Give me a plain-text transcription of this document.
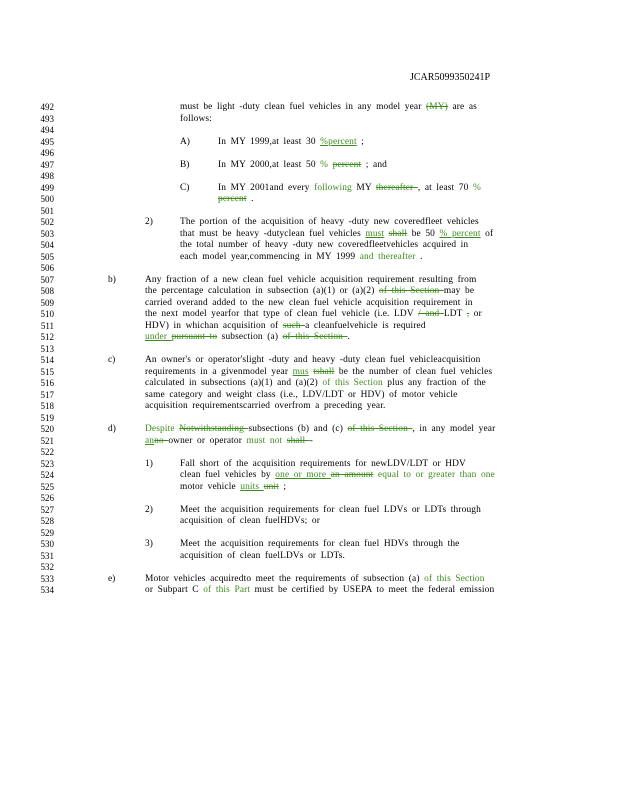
JCAR5099350241P
492	must be light -duty clean fuel vehicles in any model year (MY) are as
493	follows:
494
495	A)	In MY 1999,at least 30 %percent ;
496
497	B)	In MY 2000,at least 50 % percent ; and
498
499	C)	In MY 2001and every following MY thereafter , at least 70 %
500	percent .
501
502	2)	The portion of the acquisition of heavy -duty new coveredfleet vehicles
503	that must be heavy -dutyclean fuel vehicles must shall be 50 % percent of
504	the total number of heavy -duty new coveredfleetvehicles acquired in
505	each model year,commencing in MY 1999 and thereafter .
506
507	b)	Any fraction of a new clean fuel vehicle acquisition requirement resulting from
508	the percentage calculation in subsection (a)(1) or (a)(2) of this Section may be
509	carried overand added to the new clean fuel vehicle acquisition requirement in
510	the next model yearfor that type of clean fuel vehicle (i.e. LDV / and LDT , or
511	HDV) in whichan acquisition of such a cleanfuelvehicle is required
512	under pursuant to subsection (a) of this Section .
513
514	c)	An owner's or operator'slight -duty and heavy -duty clean fuel vehicleacquisition
515	requirements in a givenmodel year mus tshall be the number of clean fuel vehicles
516	calculated in subsections (a)(1) and (a)(2) of this Section plus any fraction of the
517	same category and weight class (i.e., LDV/LDT or HDV) of motor vehicle
518	acquisition requirementscarried overfrom a preceding year.
519
520	d)	Despite Notwithstanding subsections (b) and (c) of this Section , in any model year
521	anno owner or operator must not shall -
522
523	1)	Fall short of the acquisition requirements for newLDV/LDT or HDV
524	clean fuel vehicles by one or more an amount equal to or greater than one
525	motor vehicle units unit ;
526
527	2)	Meet the acquisition requirements for clean fuel LDVs or LDTs through
528	acquisition of clean fuelHDVs; or
529
530	3)	Meet the acquisition requirements for clean fuel HDVs through the
531	acquisition of clean fuelLDVs or LDTs.
532
533	e)	Motor vehicles acquiredto meet the requirements of subsection (a) of this Section
534	or Subpart C of this Part must be certified by USEPA to meet the federal emission
